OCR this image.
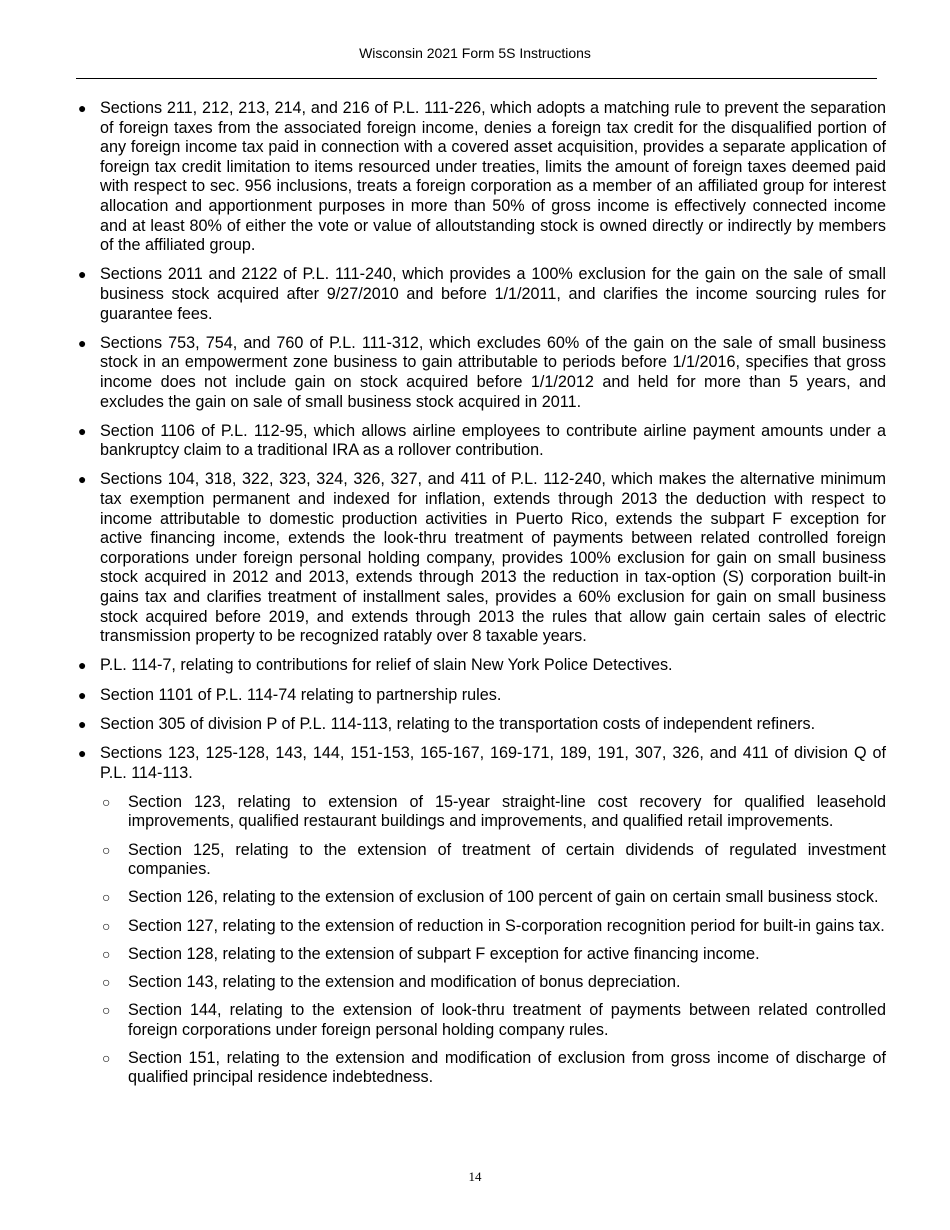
Wisconsin 2021 Form 5S Instructions
● Sections 211, 212, 213, 214, and 216 of P.L. 111-226, which adopts a matching rule to prevent the separation of foreign taxes from the associated foreign income, denies a foreign tax credit for the disqualified portion of any foreign income tax paid in connection with a covered asset acquisition, provides a separate application of foreign tax credit limitation to items resourced under treaties, limits the amount of foreign taxes deemed paid with respect to sec. 956 inclusions, treats a foreign corporation as a member of an affiliated group for interest allocation and apportionment purposes in more than 50% of gross income is effectively connected income and at least 80% of either the vote or value of alloutstanding stock is owned directly or indirectly by members of the affiliated group.
● Sections 2011 and 2122 of P.L. 111-240, which provides a 100% exclusion for the gain on the sale of small business stock acquired after 9/27/2010 and before 1/1/2011, and clarifies the income sourcing rules for guarantee fees.
● Sections 753, 754, and 760 of P.L. 111-312, which excludes 60% of the gain on the sale of small business stock in an empowerment zone business to gain attributable to periods before 1/1/2016, specifies that gross income does not include gain on stock acquired before 1/1/2012 and held for more than 5 years, and excludes the gain on sale of small business stock acquired in 2011.
● Section 1106 of P.L. 112-95, which allows airline employees to contribute airline payment amounts under a bankruptcy claim to a traditional IRA as a rollover contribution.
● Sections 104, 318, 322, 323, 324, 326, 327, and 411 of P.L. 112-240, which makes the alternative minimum tax exemption permanent and indexed for inflation, extends through 2013 the deduction with respect to income attributable to domestic production activities in Puerto Rico, extends the subpart F exception for active financing income, extends the look-thru treatment of payments between related controlled foreign corporations under foreign personal holding company, provides 100% exclusion for gain on small business stock acquired in 2012 and 2013, extends through 2013 the reduction in tax-option (S) corporation built-in gains tax and clarifies treatment of installment sales, provides a 60% exclusion for gain on small business stock acquired before 2019, and extends through 2013 the rules that allow gain certain sales of electric transmission property to be recognized ratably over 8 taxable years.
● P.L. 114-7, relating to contributions for relief of slain New York Police Detectives.
● Section 1101 of P.L. 114-74 relating to partnership rules.
● Section 305 of division P of P.L. 114-113, relating to the transportation costs of independent refiners.
● Sections 123, 125-128, 143, 144, 151-153, 165-167, 169-171, 189, 191, 307, 326, and 411 of division Q of P.L. 114-113.
○ Section 123, relating to extension of 15-year straight-line cost recovery for qualified leasehold improvements, qualified restaurant buildings and improvements, and qualified retail improvements.
○ Section 125, relating to the extension of treatment of certain dividends of regulated investment companies.
○ Section 126, relating to the extension of exclusion of 100 percent of gain on certain small business stock.
○ Section 127, relating to the extension of reduction in S-corporation recognition period for built-in gains tax.
○ Section 128, relating to the extension of subpart F exception for active financing income.
○ Section 143, relating to the extension and modification of bonus depreciation.
○ Section 144, relating to the extension of look-thru treatment of payments between related controlled foreign corporations under foreign personal holding company rules.
○ Section 151, relating to the extension and modification of exclusion from gross income of discharge of qualified principal residence indebtedness.
14
